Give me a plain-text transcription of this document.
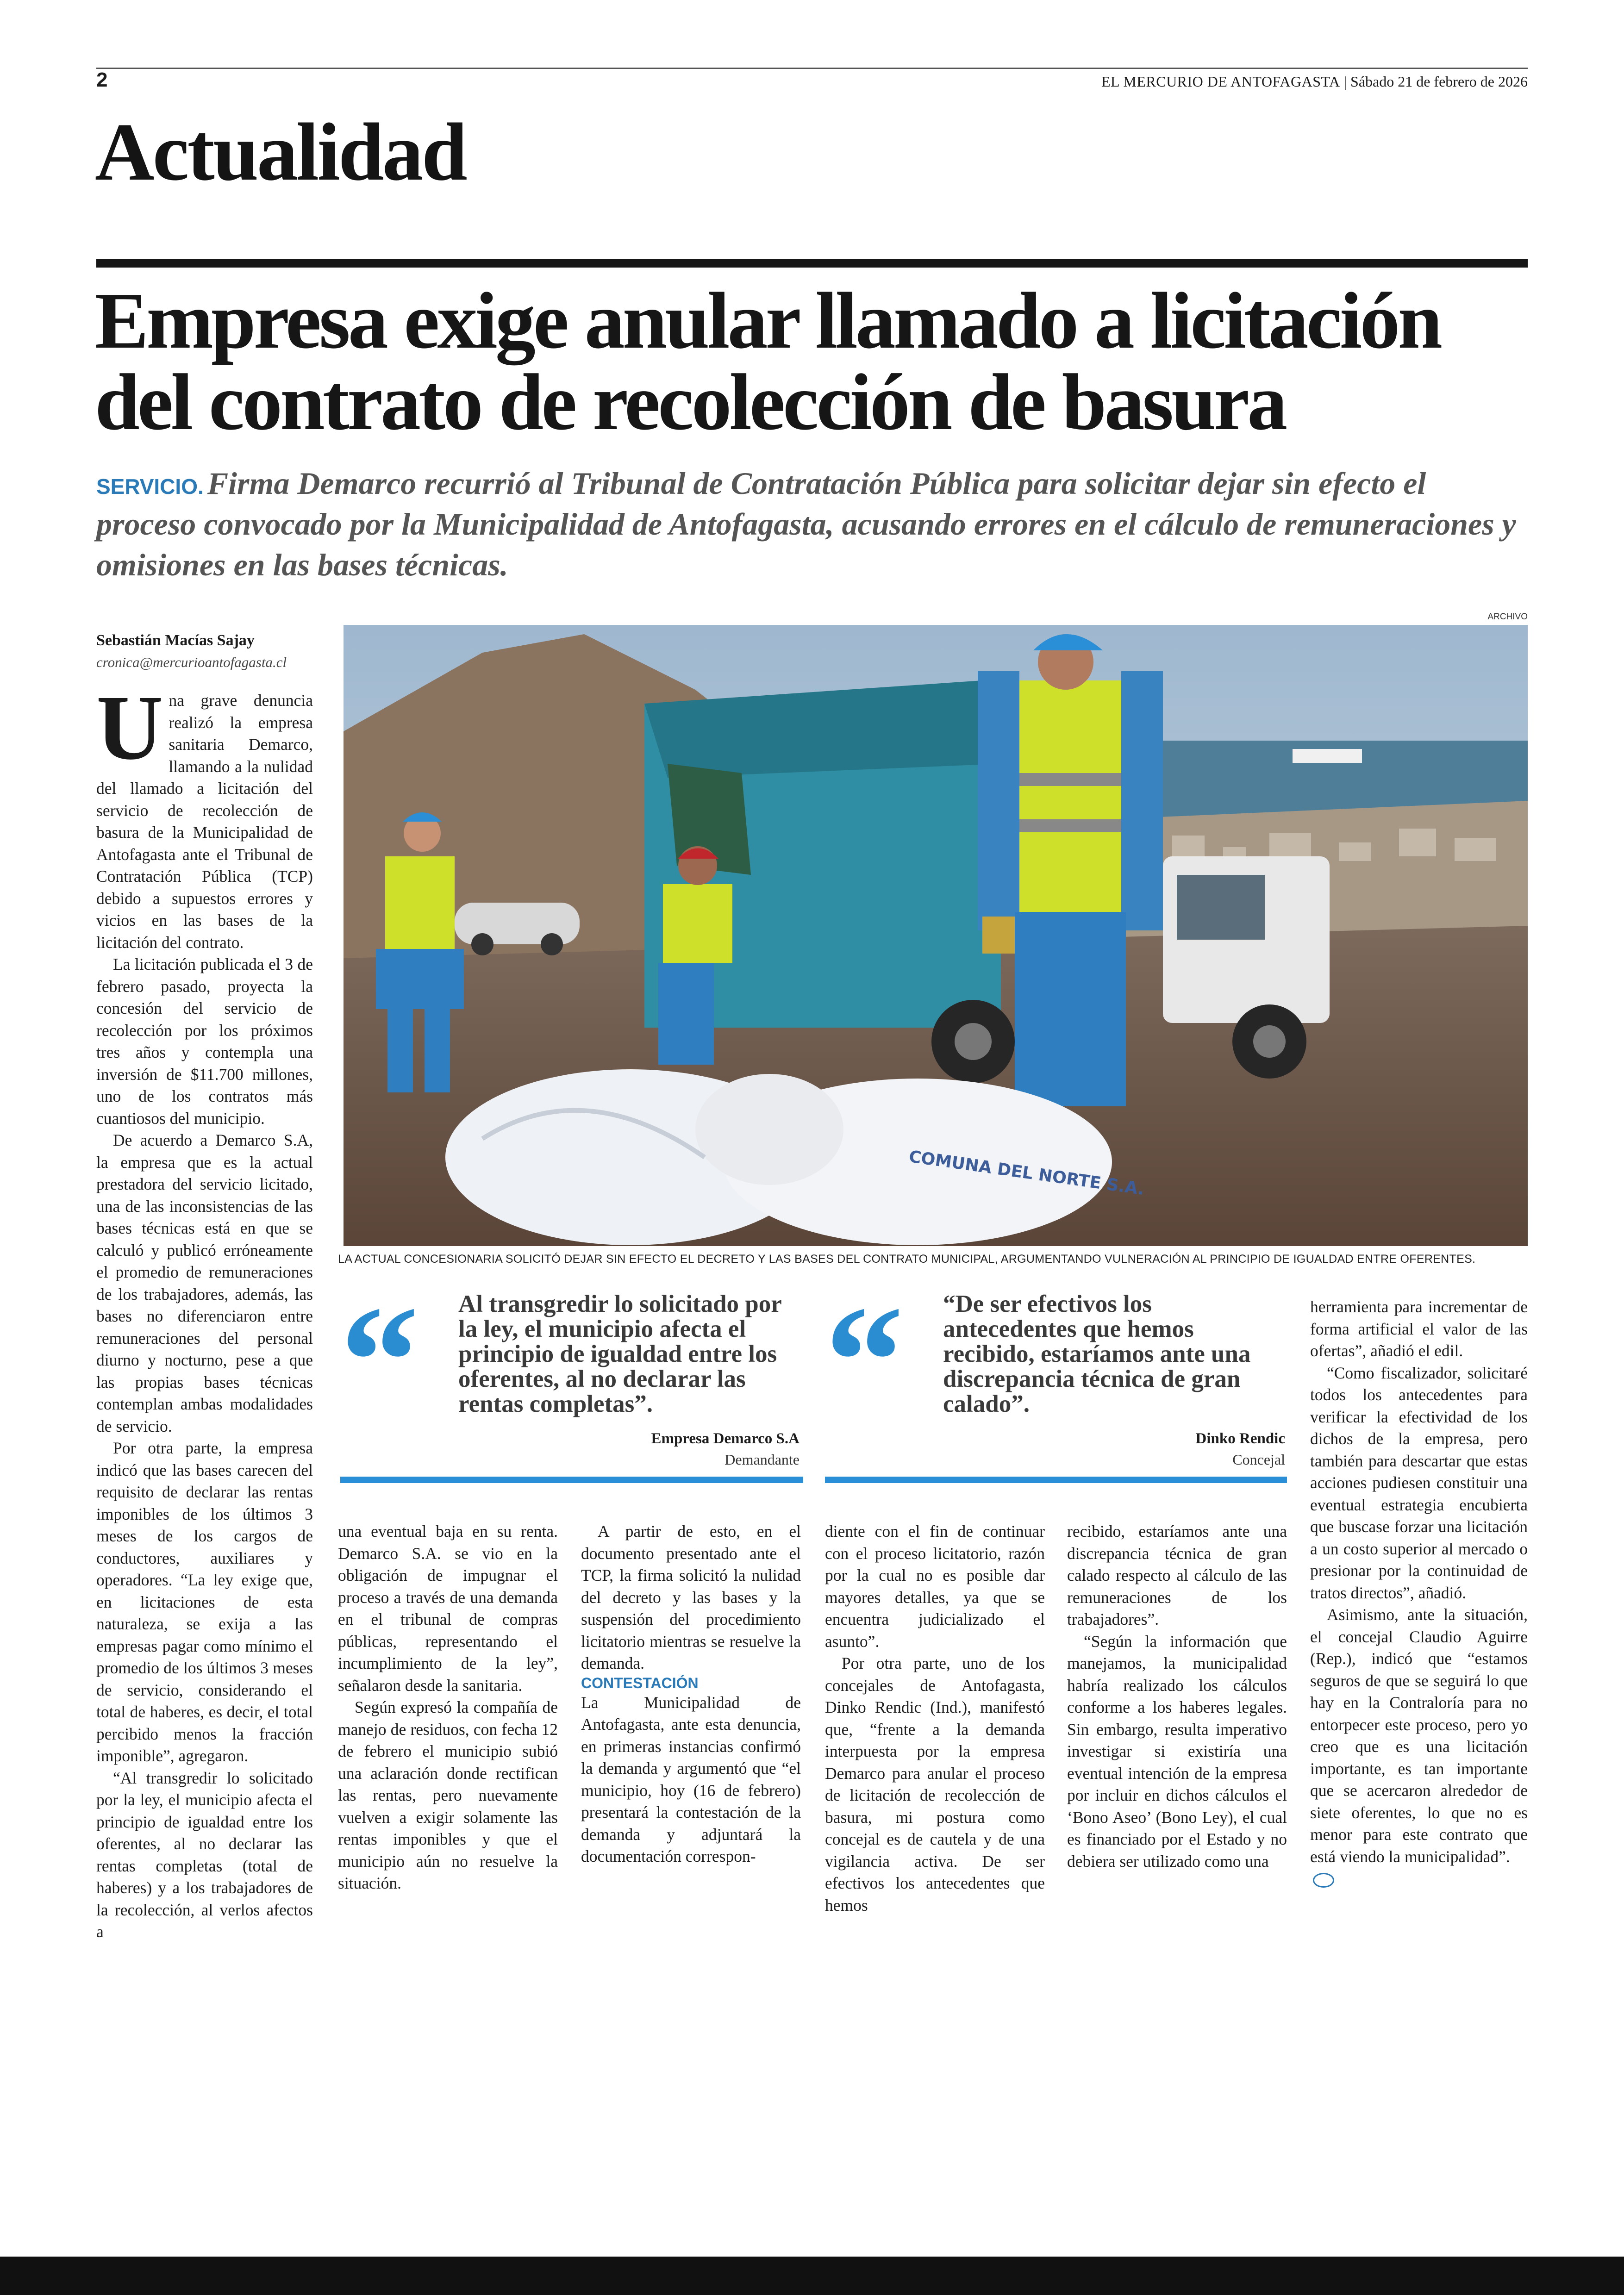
2	EL MERCURIO DE ANTOFAGASTA | Sábado 21 de febrero de 2026
Actualidad
Empresa exige anular llamado a licitación
del contrato de recolección de basura
SERVICIO. Firma Demarco recurrió al Tribunal de Contratación Pública para solicitar dejar sin efecto el proceso convocado por la Municipalidad de Antofagasta, acusando errores en el cálculo de remuneraciones y omisiones en las bases técnicas.
Sebastián Macías Sajay
cronica@mercurioantofagasta.cl
ARCHIVO
COMUNA DEL NORTE S.A.
LA ACTUAL CONCESIONARIA SOLICITÓ DEJAR SIN EFECTO EL DECRETO Y LAS BASES DEL CONTRATO MUNICIPAL, ARGUMENTANDO VULNERACIÓN AL PRINCIPIO DE IGUALDAD ENTRE OFERENTES.

Una grave denuncia realizó la empresa sanitaria Demarco, llamando a la nulidad del llamado a licitación del servicio de recolección de basura de la Municipalidad de Antofagasta ante el Tribunal de Contratación Pública (TCP) debido a supuestos errores y vicios en las bases de la licitación del contrato.

La licitación publicada el 3 de febrero pasado, proyecta la concesión del servicio de recolección por los próximos tres años y contempla una inversión de $11.700 millones, uno de los contratos más cuantiosos del municipio.

De acuerdo a Demarco S.A, la empresa que es la actual prestadora del servicio licitado, una de las inconsistencias de las bases técnicas está en que se calculó y publicó erróneamente el promedio de remuneraciones de los trabajadores, además, las bases no diferenciaron entre remuneraciones del personal diurno y nocturno, pese a que las propias bases técnicas contemplan ambas modalidades de servicio.

Por otra parte, la empresa indicó que las bases carecen del requisito de declarar las rentas imponibles de los últimos 3 meses de los cargos de conductores, auxiliares y operadores. “La ley exige que, en licitaciones de esta naturaleza, se exija a las empresas pagar como mínimo el promedio de los últimos 3 meses de servicio, considerando el total de haberes, es decir, el total percibido menos la fracción imponible”, agregaron.

“Al transgredir lo solicitado por la ley, el municipio afecta el principio de igualdad entre los oferentes, al no declarar las rentas completas (total de haberes) y a los trabajadores de la recolección, al verlos afectos a

“ Al transgredir lo solicitado por la ley, el municipio afecta el principio de igualdad entre los oferentes, al no declarar las rentas completas”.
Empresa Demarco S.A
Demandante
“ “De ser efectivos los antecedentes que hemos recibido, estaríamos ante una discrepancia técnica de gran calado”.
Dinko Rendic
Concejal

una eventual baja en su renta. Demarco S.A. se vio en la obligación de impugnar el proceso a través de una demanda en el tribunal de compras públicas, representando el incumplimiento de la ley”, señalaron desde la sanitaria.

Según expresó la compañía de manejo de residuos, con fecha 12 de febrero el municipio subió una aclaración donde rectifican las rentas, pero nuevamente vuelven a exigir solamente las rentas imponibles y que el municipio aún no resuelve la situación.

A partir de esto, en el documento presentado ante el TCP, la firma solicitó la nulidad del decreto y las bases y la suspensión del procedimiento licitatorio mientras se resuelve la demanda.

CONTESTACIÓN

La Municipalidad de Antofagasta, ante esta denuncia, en primeras instancias confirmó la demanda y argumentó que “el municipio, hoy (16 de febrero) presentará la contestación de la demanda y adjuntará la documentación correspon-

diente con el fin de continuar con el proceso licitatorio, razón por la cual no es posible dar mayores detalles, ya que se encuentra judicializado el asunto”.

Por otra parte, uno de los concejales de Antofagasta, Dinko Rendic (Ind.), manifestó que, “frente a la demanda interpuesta por la empresa Demarco para anular el proceso de licitación de recolección de basura, mi postura como concejal es de cautela y de una vigilancia activa. De ser efectivos los antecedentes que hemos

recibido, estaríamos ante una discrepancia técnica de gran calado respecto al cálculo de las remuneraciones de los trabajadores”.

“Según la información que manejamos, la municipalidad habría realizado los cálculos conforme a los haberes legales. Sin embargo, resulta imperativo investigar si existiría una eventual intención de la empresa por incluir en dichos cálculos el ‘Bono Aseo’ (Bono Ley), el cual es financiado por el Estado y no debiera ser utilizado como una

herramienta para incrementar de forma artificial el valor de las ofertas”, añadió el edil.

“Como fiscalizador, solicitaré todos los antecedentes para verificar la efectividad de los dichos de la empresa, pero también para descartar que estas acciones pudiesen constituir una eventual estrategia encubierta que buscase forzar una licitación a un costo superior al mercado o presionar por la continuidad de tratos directos”, añadió.

Asimismo, ante la situación, el concejal Claudio Aguirre (Rep.), indicó que “estamos seguros de que se seguirá lo que hay en la Contraloría para no entorpecer este proceso, pero yo creo que es una licitación importante, es tan importante que se acercaron alrededor de siete oferentes, lo que no es menor para este contrato que está viendo la municipalidad”.
